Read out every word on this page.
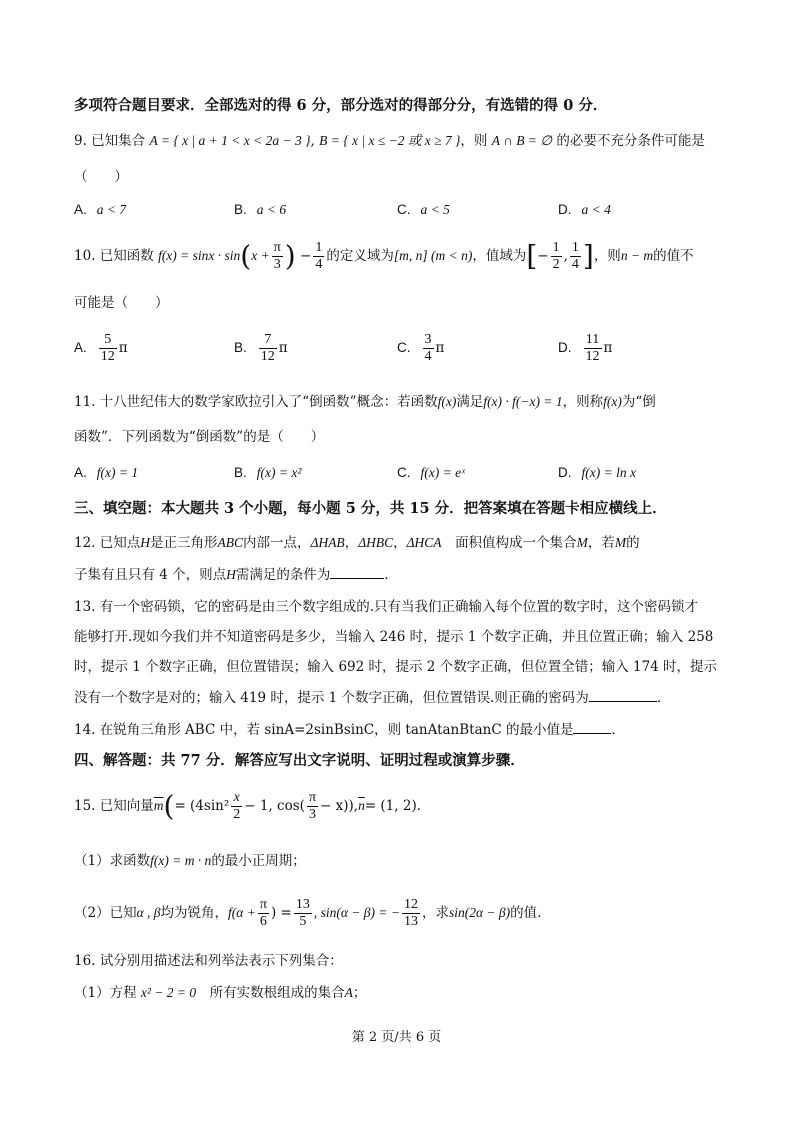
多项符合题目要求．全部选对的得 6 分，部分选对的得部分分，有选错的得 0 分．
9. 已知集合 A = { x | a + 1 < x < 2a − 3 }, B = { x | x ≤ −2 或 x ≥ 7 }，则 A ∩ B = ∅ 的必要不充分条件可能是
（　　）
A. a < 7	B. a < 6	C. a < 5	D. a < 4
10. 已知函数 $f(x) = \sin x \cdot \sin(x + \frac{\pi}{3}$ ) − $\frac{1}{4}$ 的定义域为[m, n] (m < n)，值域为[− $\frac{1}{2}$ , $\frac{1}{4}$ ]，则n − m的值不
可能是（　　）
A. $\frac{5}{12}$ π	B. $\frac{7}{12}$ π	C. $\frac{3}{4}$ π	D. $\frac{11}{12}$ π
11. 十八世纪伟大的数学家欧拉引入了“倒函数”概念：若函数f(x)满足f(x) · f(−x) = 1，则称f(x)为“倒
函数”．下列函数为“倒函数”的是（　　）
A. f(x) = 1	B. f(x) = x²	C. f(x) = eˣ	D. f(x) = ln x
三、填空题：本大题共 3 个小题，每小题 5 分，共 15 分．把答案填在答题卡相应横线上．
12. 已知点H是正三角形ABC内部一点，ΔHAB，ΔHBC，ΔHCA　 面积值构成一个集合M，若M的
子集有且只有 4 个，则点H需满足的条件为	．
13. 有一个密码锁，它的密码是由三个数字组成的.只有当我们正确输入每个位置的数字时，这个密码锁才
能够打开.现如今我们并不知道密码是多少，当输入 246 时，提示 1 个数字正确，并且位置正确；输入 258
时，提示 1 个数字正确，但位置错误；输入 692 时，提示 2 个数字正确，但位置全错；输入 174 时，提示
没有一个数字是对的；输入 419 时，提示 1 个数字正确，但位置错误.则正确的密码为	．
14. 在锐角三角形 ABC 中，若 sinA=2sinBsinC，则 tanAtanBtanC 的最小值是	．
四、解答题：共 77 分．解答应写出文字说明、证明过程或演算步骤．
15. 已知向量$\overline{m}(= (4\sin^2 \frac{x}{2} - 1$, $\cos( \frac{\pi}{3} - x)),\overline{n}= (1$, 2)．
（1）求函数f(x) = m · n的最小正周期；
（2）已知α , β均为锐角，$f(\alpha + \frac{\pi}{6}$ ) = $\frac{13}{5}$ , sin(α − β) = − $\frac{12}{13}$ ，求sin(2α − β)的值.
16. 试分别用描述法和列举法表示下列集合：
（1）方程 x² − 2 = 0　 所有实数根组成的集合A；
第 2 页/共 6 页
